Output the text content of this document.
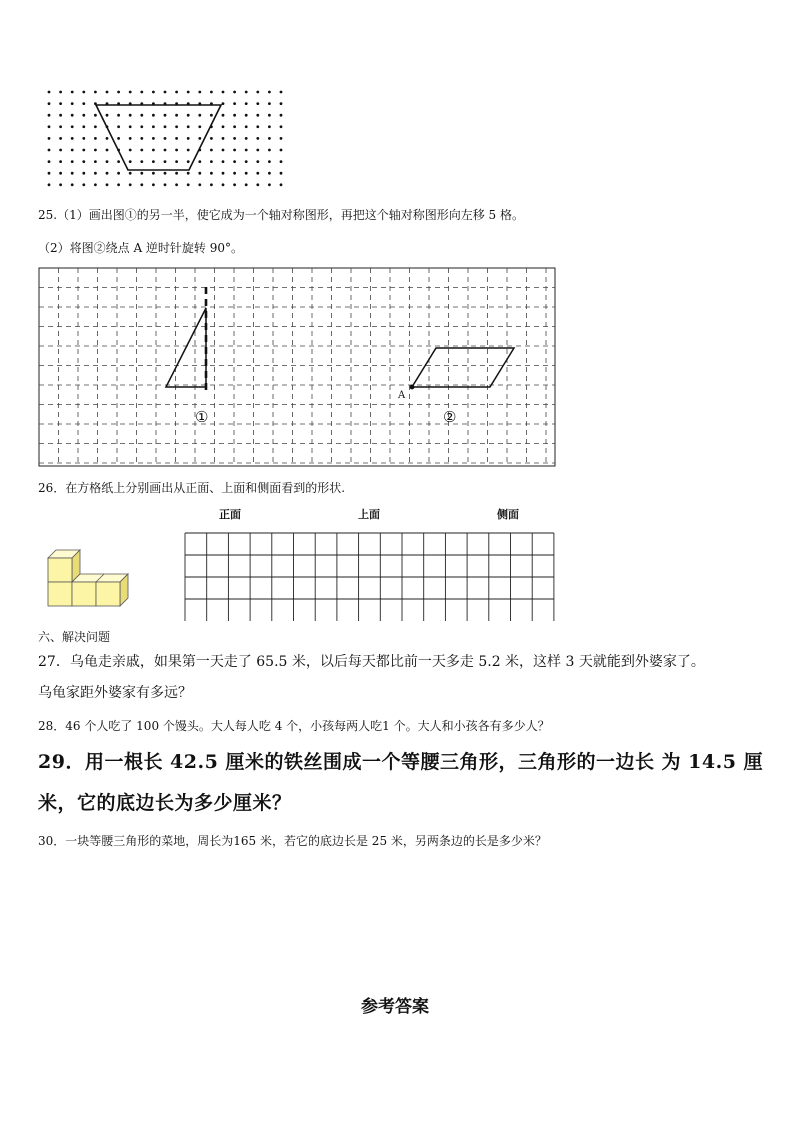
25.（1）画出图①的另一半，使它成为一个轴对称图形，再把这个轴对称图形向左移 5 格。
（2）将图②绕点 A 逆时针旋转 90°。
A
①	②
26．在方格纸上分别画出从正面、上面和侧面看到的形状.
正面	上面	侧面
六、解决问题
27．乌龟走亲戚，如果第一天走了 65.5 米，以后每天都比前一天多走 5.2 米，这样 3 天就能到外婆家了。
乌龟家距外婆家有多远？
28．46 个人吃了 100 个馒头。大人每人吃 4 个，小孩每两人吃1 个。大人和小孩各有多少人？
29．用一根长 42.5 厘米的铁丝围成一个等腰三角形，三角形的一边长 为 14.5 厘
米，它的底边长为多少厘米？
30．一块等腰三角形的菜地，周长为165 米，若它的底边长是 25 米，另两条边的长是多少米？
参考答案
